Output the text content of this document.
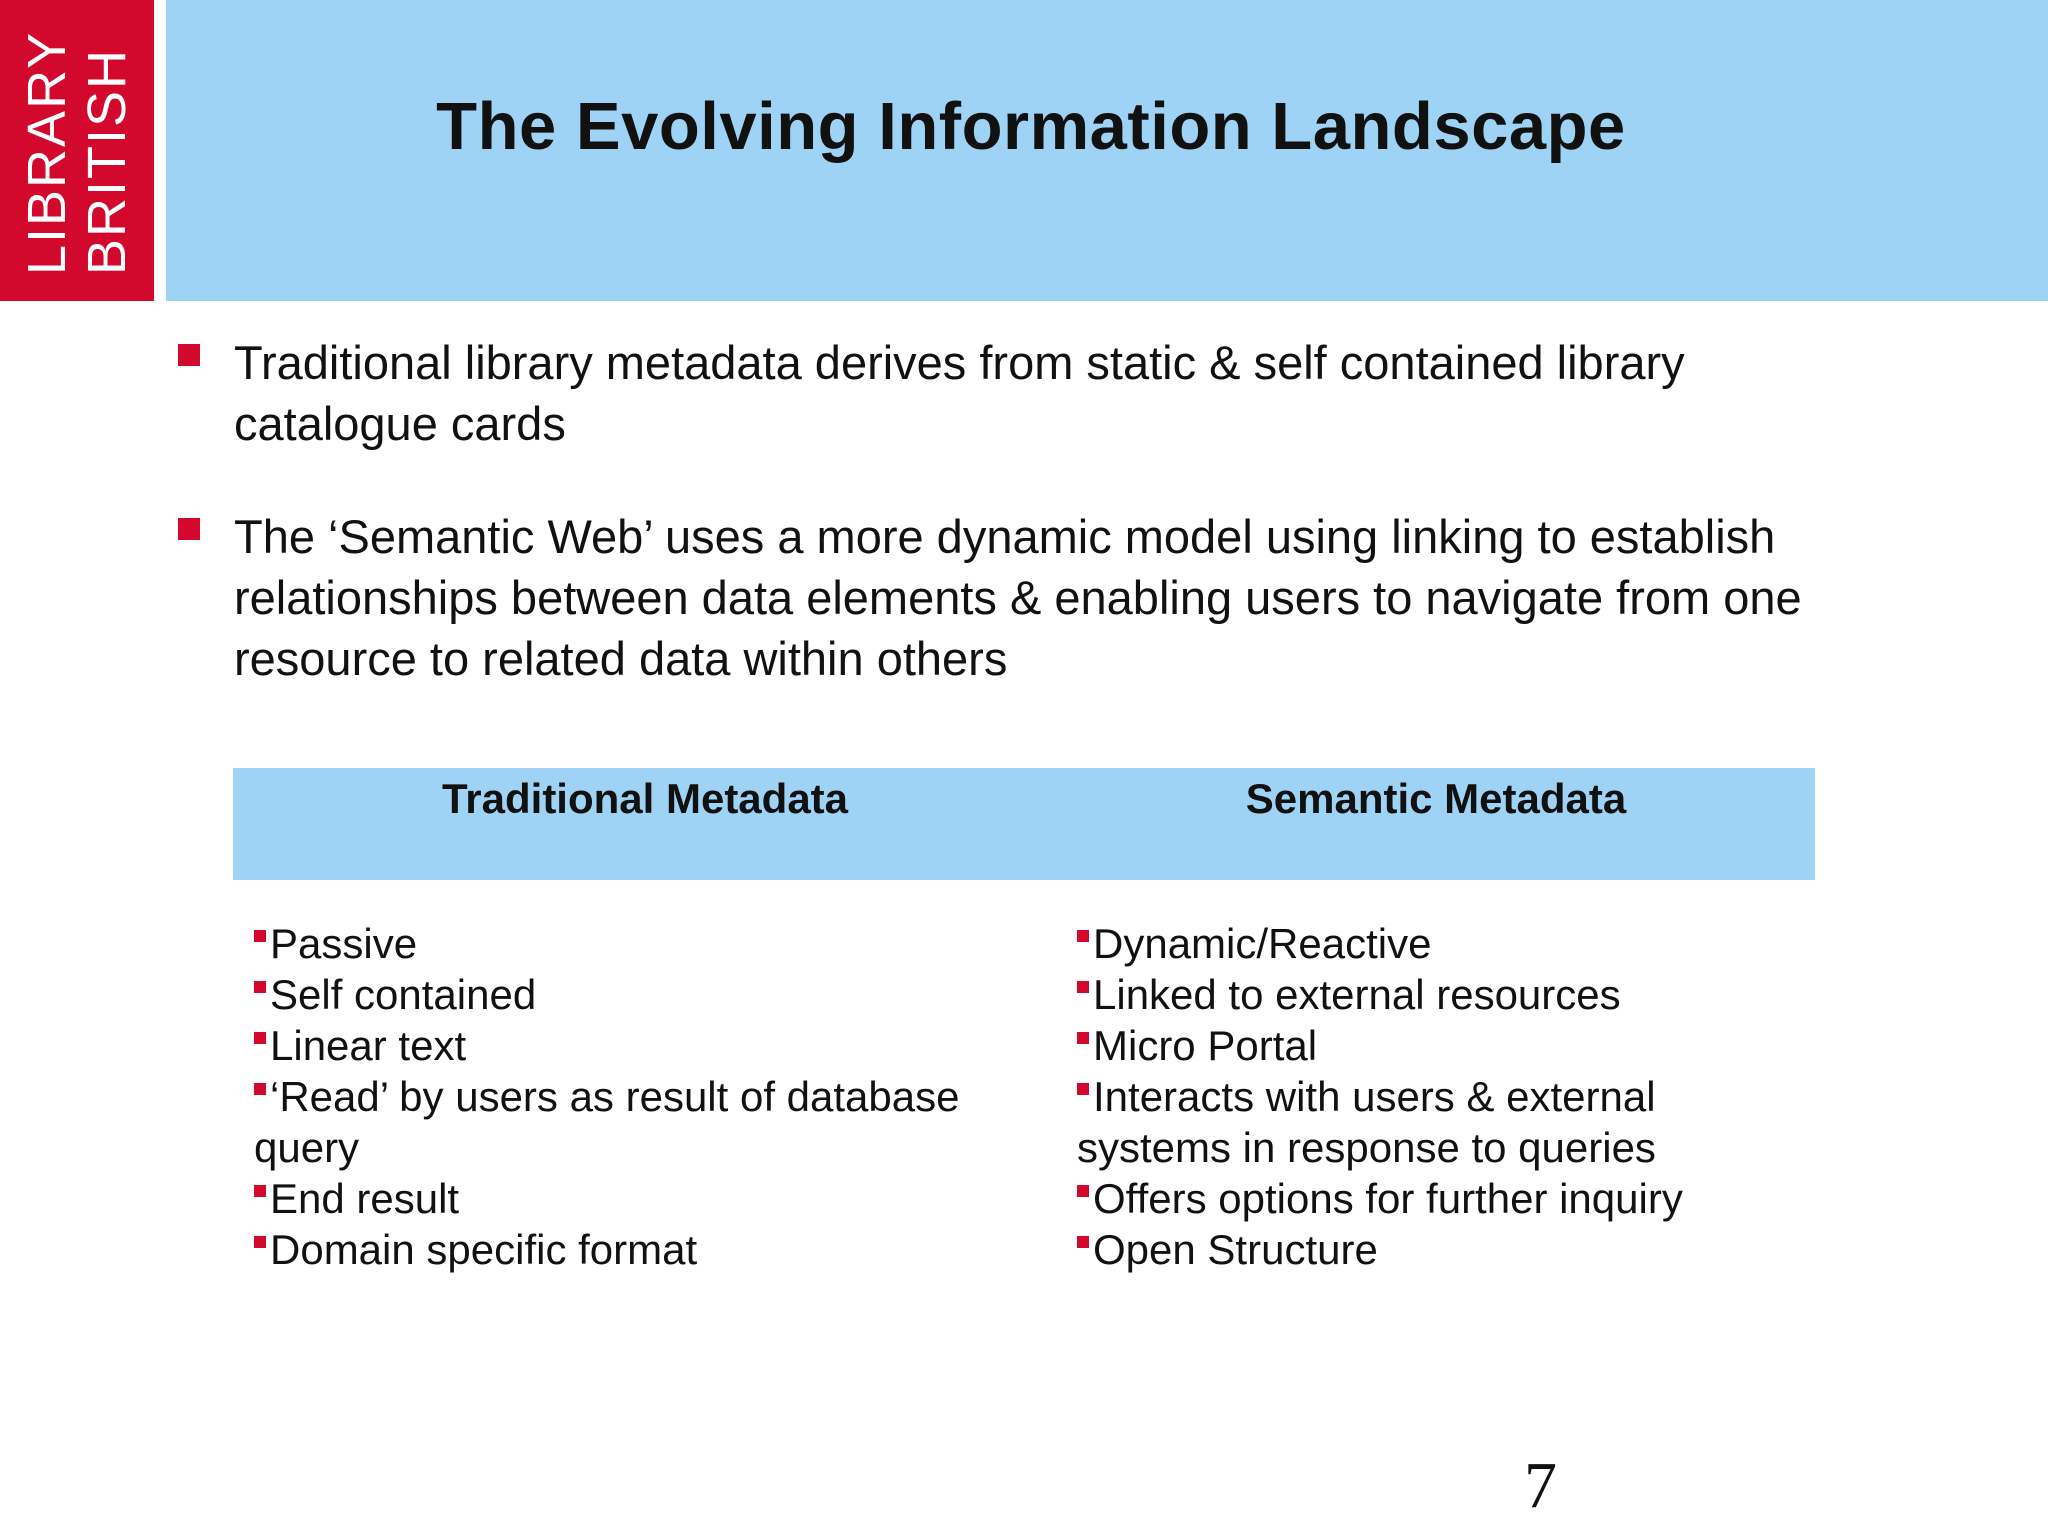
LIBRARY BRITISH	The Evolving Information Landscape
Traditional library metadata derives from static & self contained library catalogue cards
The ‘Semantic Web’ uses a more dynamic model using linking to establish relationships between data elements & enabling users to navigate from one resource to related data within others
Traditional Metadata	Semantic Metadata
Passive
Self contained
Linear text
‘Read’ by users as result of database query
End result
Domain specific format
Dynamic/Reactive
Linked to external resources
Micro Portal
Interacts with users & external systems in response to queries
Offers options for further inquiry
Open Structure
7
